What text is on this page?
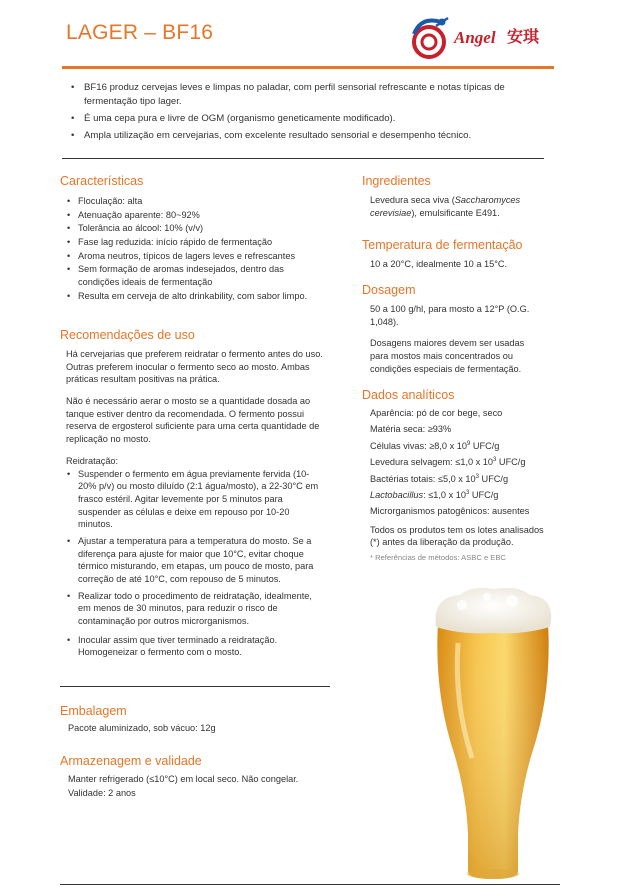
LAGER – BF16	Angel 安琪
• BF16 produz cervejas leves e limpas no paladar, com perfil sensorial refrescante e notas típicas de fermentação tipo lager.
• É uma cepa pura e livre de OGM (organismo geneticamente modificado).
• Ampla utilização em cervejarias, com excelente resultado sensorial e desempenho técnico.
Características
• Floculação: alta
• Atenuação aparente: 80~92%
• Tolerância ao álcool: 10% (v/v)
• Fase lag reduzida: início rápido de fermentação
• Aroma neutros, típicos de lagers leves e refrescantes
• Sem formação de aromas indesejados, dentro das condições ideais de fermentação
• Resulta em cerveja de alto drinkability, com sabor limpo.
Recomendações de uso
Há cervejarias que preferem reidratar o fermento antes do uso. Outras preferem inocular o fermento seco ao mosto. Ambas práticas resultam positivas na prática.
Não é necessário aerar o mosto se a quantidade dosada ao tanque estiver dentro da recomendada. O fermento possui reserva de ergosterol suficiente para uma certa quantidade de replicação no mosto.
Reidratação:
• Suspender o fermento em água previamente fervida (10-20% p/v) ou mosto diluído (2:1 água/mosto), a 22-30°C em frasco estéril. Agitar levemente por 5 minutos para suspender as células e deixe em repouso por 10-20 minutos.
• Ajustar a temperatura para a temperatura do mosto. Se a diferença para ajuste for maior que 10°C, evitar choque térmico misturando, em etapas, um pouco de mosto, para correção de até 10°C, com repouso de 5 minutos.
• Realizar todo o procedimento de reidratação, idealmente, em menos de 30 minutos, para reduzir o risco de contaminação por outros microrganismos.
• Inocular assim que tiver terminado a reidratação. Homogeneizar o fermento com o mosto.
Ingredientes
Levedura seca viva (Saccharomyces cerevisiae), emulsificante E491.
Temperatura de fermentação
10 a 20°C, idealmente 10 a 15°C.
Dosagem
50 a 100 g/hl, para mosto a 12°P (O.G. 1,048).
Dosagens maiores devem ser usadas para mostos mais concentrados ou condições especiais de fermentação.
Dados analíticos
Aparência: pó de cor bege, seco
Matéria seca: ≥93%
Células vivas: ≥8,0 x $10^9$ UFC/g
Levedura selvagem: ≤1,0 x $10^3$ UFC/g
Bactérias totais: ≤5,0 x $10^3$ UFC/g
Lactobacillus: ≤1,0 x $10^3$ UFC/g
Microrganismos patogênicos: ausentes
Todos os produtos tem os lotes analisados (*) antes da liberação da produção.
* Referências de métodos: ASBC e EBC
Embalagem
Pacote aluminizado, sob vácuo: 12g
Armazenagem e validade
Manter refrigerado (≤10°C) em local seco. Não congelar.
Validade: 2 anos
